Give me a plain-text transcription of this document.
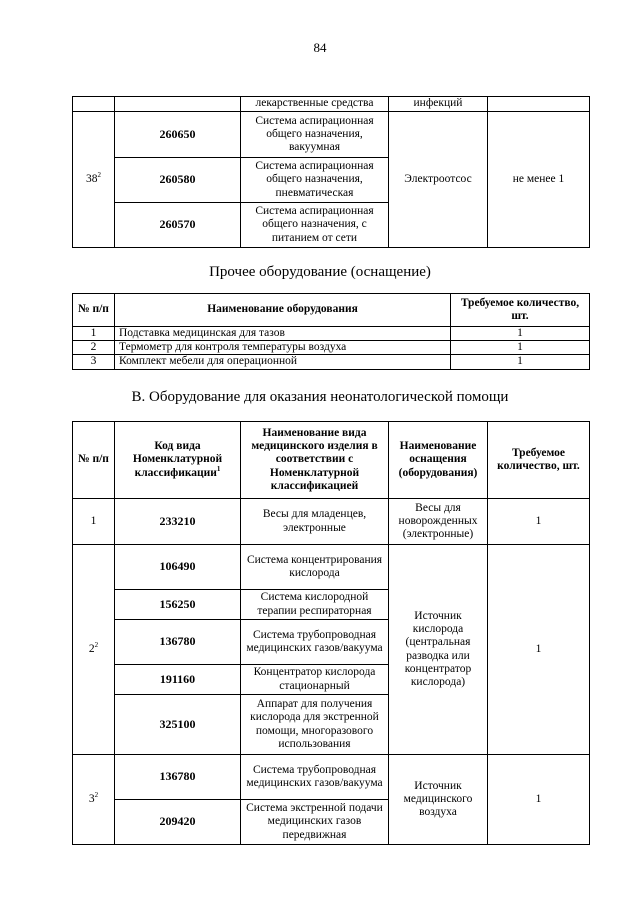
84
		лекарственные средства	инфекций	
$38^2$	260650	Система аспирационная общего назначения, вакуумная	Электроотсос	не менее 1
	260580	Система аспирационная общего назначения, пневматическая		
	260570	Система аспирационная общего назначения, с питанием от сети		
Прочее оборудование (оснащение)
№ п/п	Наименование оборудования	Требуемое количество, шт.
1	Подставка медицинская для тазов	1
2	Термометр для контроля температуры воздуха	1
3	Комплект мебели для операционной	1
В. Оборудование для оказания неонатологической помощи
№ п/п	Код вида Номенклатурной классификации$^1$	Наименование вида медицинского изделия в соответствии с Номенклатурной классификацией	Наименование оснащения (оборудования)	Требуемое количество, шт.
1	233210	Весы для младенцев, электронные	Весы для новорожденных (электронные)	1
$2^2$	106490	Система концентрирования кислорода	Источник кислорода (центральная разводка или концентратор кислорода)	1
	156250	Система кислородной терапии респираторная		
	136780	Система трубопроводная медицинских газов/вакуума		
	191160	Концентратор кислорода стационарный		
	325100	Аппарат для получения кислорода для экстренной помощи, многоразового использования		
$3^2$	136780	Система трубопроводная медицинских газов/вакуума	Источник медицинского воздуха	1
	209420	Система экстренной подачи медицинских газов передвижная		
